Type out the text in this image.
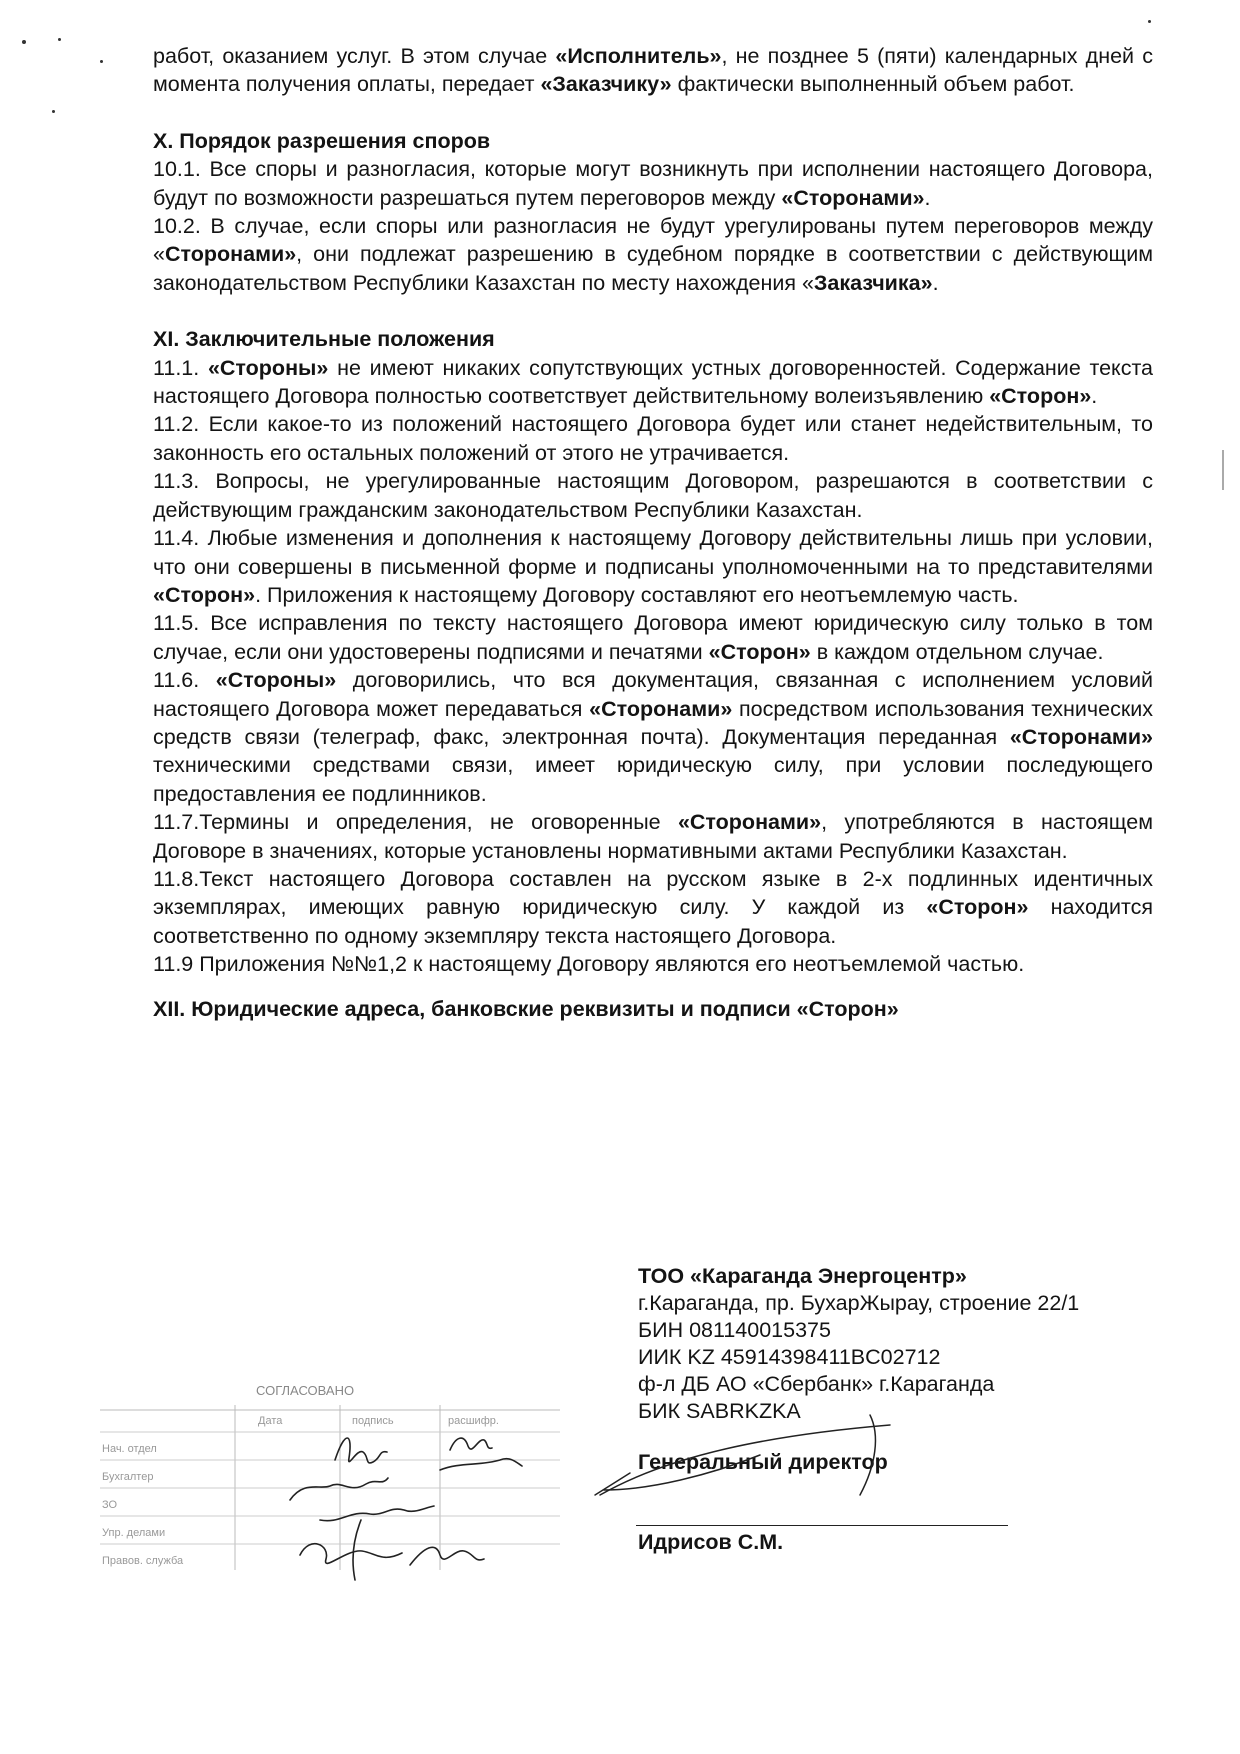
работ, оказанием услуг. В этом случае «Исполнитель», не позднее 5 (пяти) календарных дней с момента получения оплаты, передает «Заказчику» фактически выполненный объем работ.

X. Порядок разрешения споров

10.1. Все споры и разногласия, которые могут возникнуть при исполнении настоящего Договора, будут по возможности разрешаться путем переговоров между «Сторонами».

10.2. В случае, если споры или разногласия не будут урегулированы путем переговоров между «Сторонами», они подлежат разрешению в судебном порядке в соответствии с действующим законодательством Республики Казахстан по месту нахождения «Заказчика».

XI. Заключительные положения

11.1. «Стороны» не имеют никаких сопутствующих устных договоренностей. Содержание текста настоящего Договора полностью соответствует действительному волеизъявлению «Сторон».

11.2. Если какое-то из положений настоящего Договора будет или станет недействительным, то законность его остальных положений от этого не утрачивается.

11.3. Вопросы, не урегулированные настоящим Договором, разрешаются в соответствии с действующим гражданским законодательством Республики Казахстан.

11.4. Любые изменения и дополнения к настоящему Договору действительны лишь при условии, что они совершены в письменной форме и подписаны уполномоченными на то представителями «Сторон». Приложения к настоящему Договору составляют его неотъемлемую часть.

11.5. Все исправления по тексту настоящего Договора имеют юридическую силу только в том случае, если они удостоверены подписями и печатями «Сторон» в каждом отдельном случае.

11.6. «Стороны» договорились, что вся документация, связанная с исполнением условий настоящего Договора может передаваться «Сторонами» посредством использования технических средств связи (телеграф, факс, электронная почта). Документация переданная «Сторонами» техническими средствами связи, имеет юридическую силу, при условии последующего предоставления ее подлинников.

11.7.Термины и определения, не оговоренные «Сторонами», употребляются в настоящем Договоре в значениях, которые установлены нормативными актами Республики Казахстан.

11.8.Текст настоящего Договора составлен на русском языке в 2-х подлинных идентичных экземплярах, имеющих равную юридическую силу. У каждой из «Сторон» находится соответственно по одному экземпляру текста настоящего Договора.

11.9 Приложения №№1,2 к настоящему Договору являются его неотъемлемой частью.

XII. Юридические адреса, банковские реквизиты и подписи «Сторон»
ТОО «Караганда Энергоцентр»
г.Караганда, пр. БухарЖырау, строение 22/1
БИН 081140015375
ИИК KZ 45914398411BC02712
ф-л ДБ АО «Сбербанк» г.Караганда
БИК SABRKZKA
Генеральный директор
Идрисов С.М.
СОГЛАСОВАНО
Дата	подпись	расшифр.
Нач. отдел
Бухгалтер
ЗО
Упр. делами
Правов. служба
